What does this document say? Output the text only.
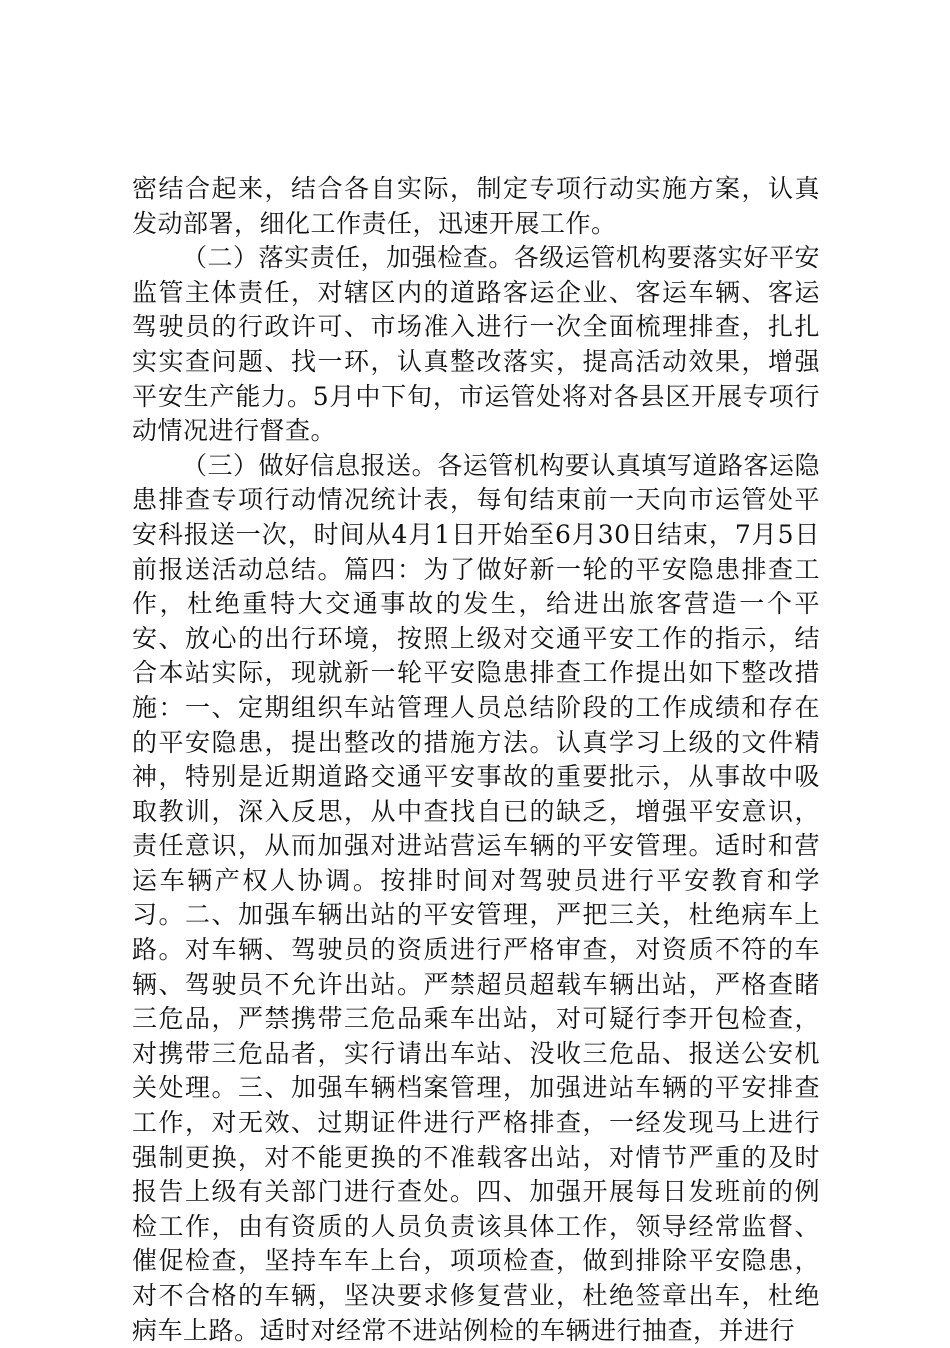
密结合起来，结合各自实际，制定专项行动实施方案，认真发动部署，细化工作责任，迅速开展工作。

（二）落实责任，加强检查。各级运管机构要落实好平安监管主体责任，对辖区内的道路客运企业、客运车辆、客运驾驶员的行政许可、市场准入进行一次全面梳理排查，扎扎实实查问题、找一环，认真整改落实，提高活动效果，增强平安生产能力。5月中下旬，市运管处将对各县区开展专项行动情况进行督查。

（三）做好信息报送。各运管机构要认真填写道路客运隐患排查专项行动情况统计表，每旬结束前一天向市运管处平安科报送一次，时间从4月1日开始至6月30日结束，7月5日前报送活动总结。篇四：为了做好新一轮的平安隐患排查工作，杜绝重特大交通事故的发生，给进出旅客营造一个平安、放心的出行环境，按照上级对交通平安工作的指示，结合本站实际，现就新一轮平安隐患排查工作提出如下整改措施：一、定期组织车站管理人员总结阶段的工作成绩和存在的平安隐患，提出整改的措施方法。认真学习上级的文件精神，特别是近期道路交通平安事故的重要批示，从事故中吸取教训，深入反思，从中查找自已的缺乏，增强平安意识，责任意识，从而加强对进站营运车辆的平安管理。适时和营运车辆产权人协调。按排时间对驾驶员进行平安教育和学习。二、加强车辆出站的平安管理，严把三关，杜绝病车上路。对车辆、驾驶员的资质进行严格审查，对资质不符的车辆、驾驶员不允许出站。严禁超员超载车辆出站，严格查睹三危品，严禁携带三危品乘车出站，对可疑行李开包检查，对携带三危品者，实行请出车站、没收三危品、报送公安机关处理。三、加强车辆档案管理，加强进站车辆的平安排查工作，对无效、过期证件进行严格排查，一经发现马上进行强制更换，对不能更换的不准载客出站，对情节严重的及时报告上级有关部门进行查处。四、加强开展每日发班前的例检工作，由有资质的人员负责该具体工作，领导经常监督、催促检查，坚持车车上台，项项检查，做到排除平安隐患，对不合格的车辆，坚决要求修复营业，杜绝签章出车，杜绝病车上路。适时对经常不进站例检的车辆进行抽查，并进行
